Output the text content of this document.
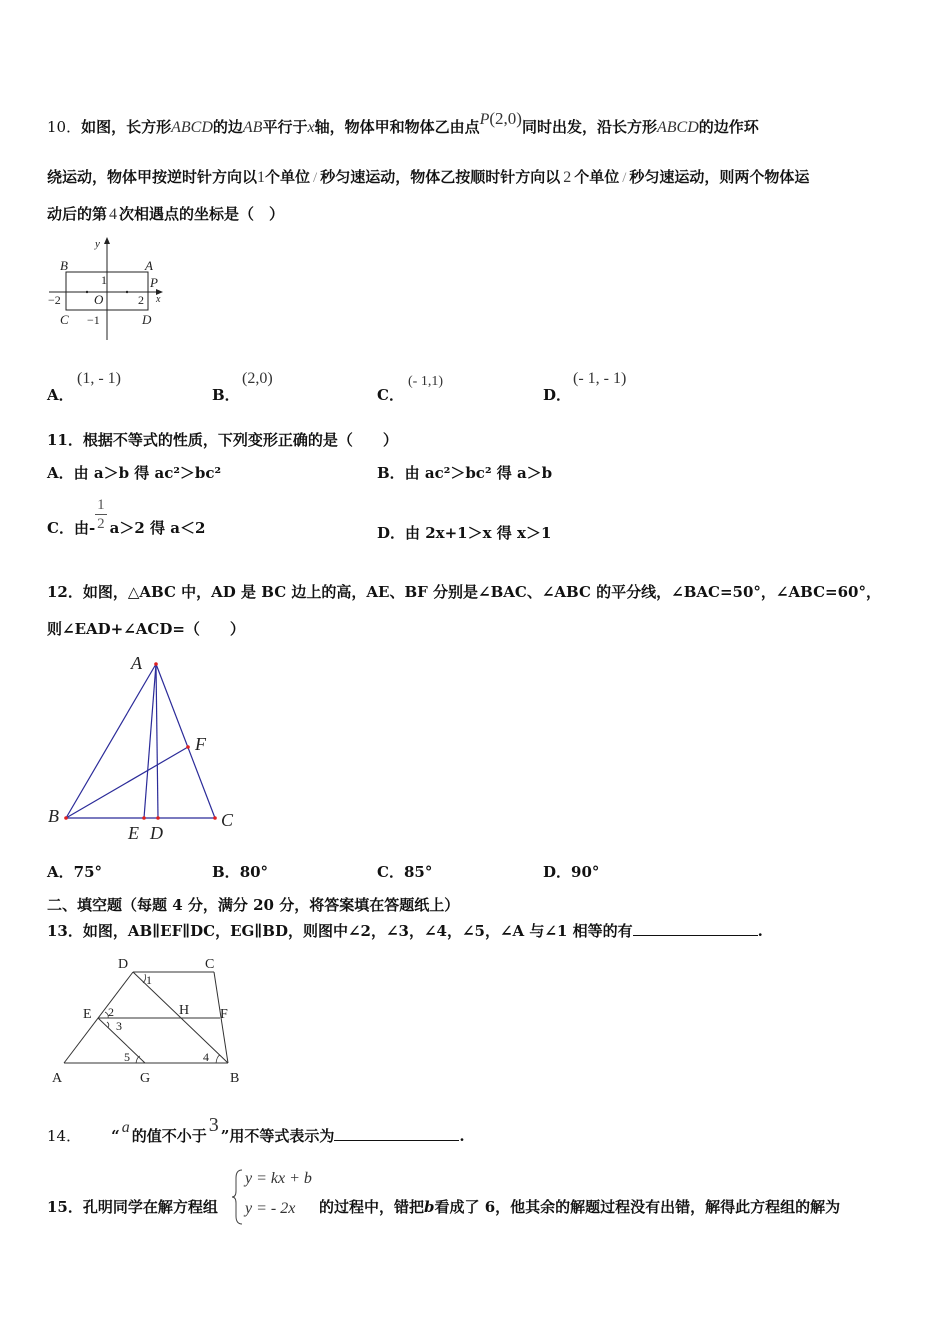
10．如图，长方形ABCD的边AB平行于x轴，物体甲和物体乙由点P(2,0)同时出发，沿长方形ABCD的边作环
绕运动，物体甲按逆时针方向以1个单位 / 秒匀速运动，物体乙按顺时针方向以 2 个单位 / 秒匀速运动，则两个物体运
动后的第 4 次相遇点的坐标是（　）
y
B	A
1	P
−2	O	2 x
C −1	D
A．
(1, - 1)
B．
(2,0)
C．
(- 1,1)
D．
(- 1, - 1)
11．根据不等式的性质，下列变形正确的是（　　）
A．由 a＞b 得 ac²＞bc²	B．由 ac²＞bc² 得 a＞b
C．由- $\frac{1}{2} a>2$ 得 a＜2	D．由 2x+1＞x 得 x＞1
12．如图，△ABC 中，AD 是 BC 边上的高，AE、BF 分别是∠BAC、∠ABC 的平分线，∠BAC=50°，∠ABC=60°，
则∠EAD+∠ACD=（　　）
A
F
B	C
E D
A．75°	B．80°	C．85°	D．90°
二、填空题（每题 4 分，满分 20 分，将答案填在答题纸上）
13．如图，AB∥EF∥DC，EG∥BD，则图中∠2，∠3，∠4，∠5，∠A 与∠1 相等的有	.
D	C
1
E 2	H F
3
5	4
A	G	B
14． “ a 的值不小于 3 ”用不等式表示为	.
15．孔明同学在解方程组
y = kx + b
y = - 2x 的过程中，错把b看成了 6，他其余的解题过程没有出错，解得此方程组的解为
